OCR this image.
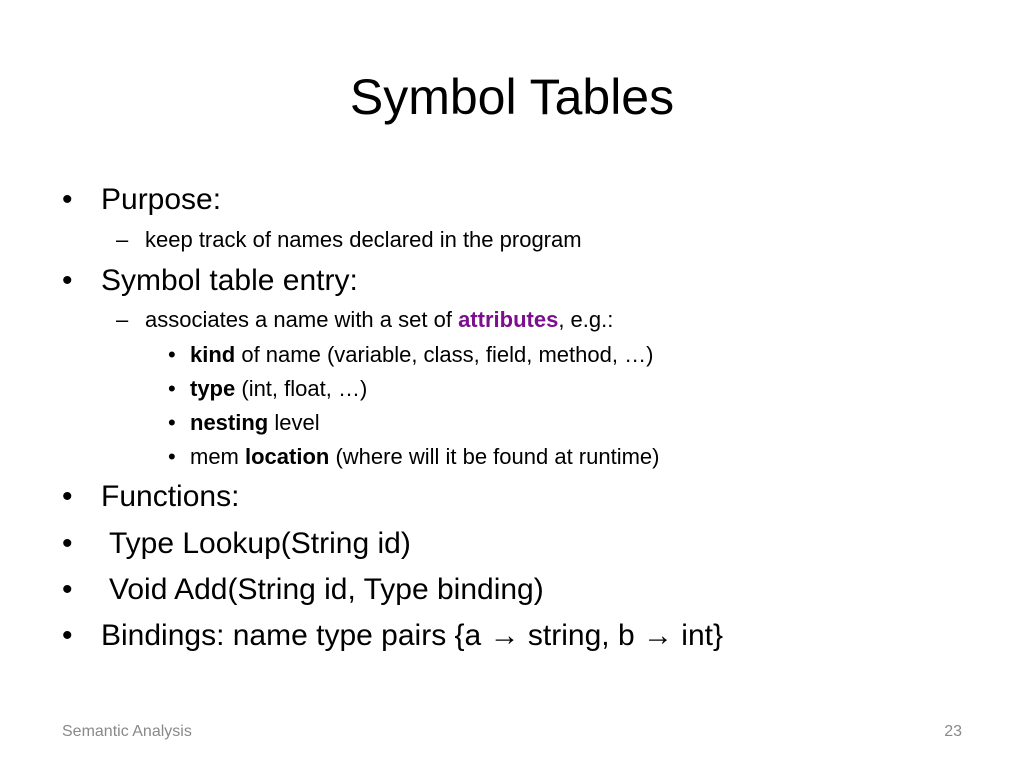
Symbol Tables
• Purpose:
– keep track of names declared in the program
• Symbol table entry:
– associates a name with a set of attributes, e.g.:
• kind of name (variable, class, field, method, …)
• type (int, float, …)
• nesting level
• mem location (where will it be found at runtime)
• Functions:
• Type Lookup(String id)
• Void Add(String id, Type binding)
• Bindings: name type pairs {a → string, b → int}
Semantic Analysis	23
